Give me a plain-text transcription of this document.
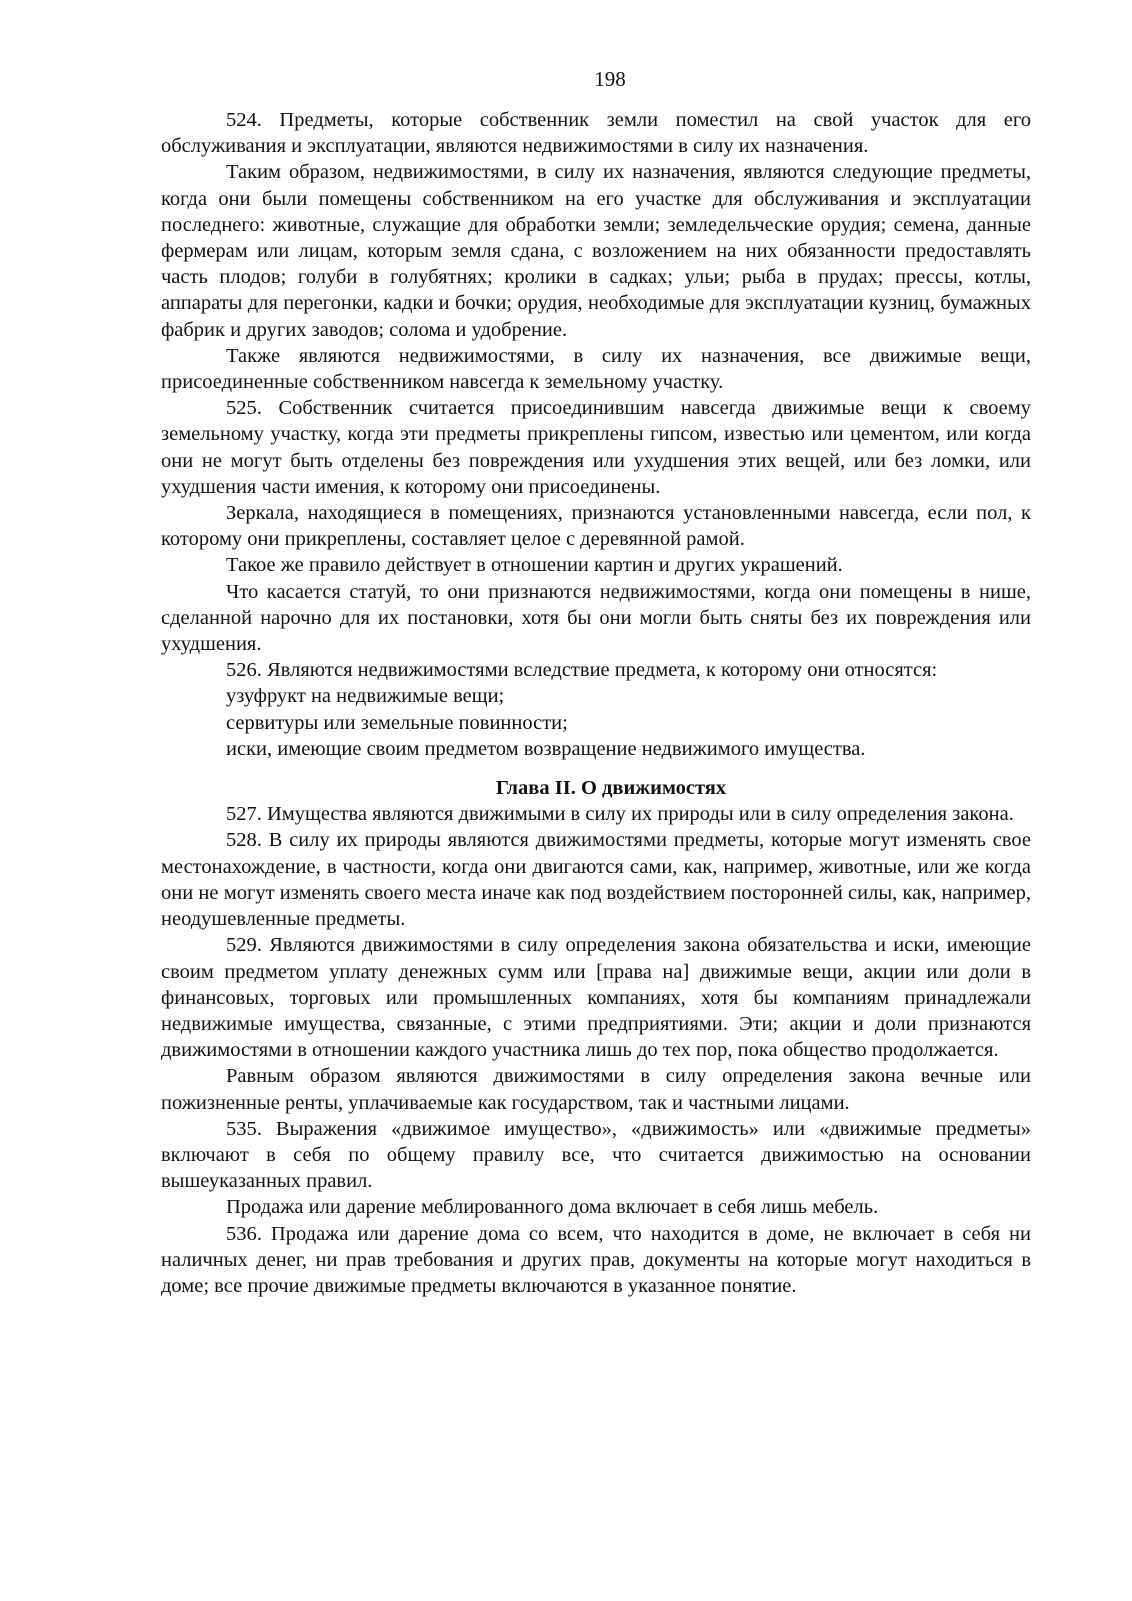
198

524. Предметы, которые собственник земли поместил на свой участок для его обслуживания и эксплуатации, являются недвижимостями в силу их назначения.

Таким образом, недвижимостями, в силу их назначения, являются следующие предметы, когда они были помещены собственником на его участке для обслуживания и эксплуатации последнего: животные, служащие для обработки земли; земледельческие орудия; семена, данные фермерам или лицам, которым земля сдана, с возложением на них обязанности предоставлять часть плодов; голуби в голубятнях; кролики в садках; ульи; рыба в прудах; прессы, котлы, аппараты для перегонки, кадки и бочки; орудия, необходимые для эксплуатации кузниц, бумажных фабрик и других заводов; солома и удобрение.

Также являются недвижимостями, в силу их назначения, все движимые вещи, присоединенные собственником навсегда к земельному участку.

525. Собственник считается присоединившим навсегда движимые вещи к своему земельному участку, когда эти предметы прикреплены гипсом, известью или цементом, или когда они не могут быть отделены без повреждения или ухудшения этих вещей, или без ломки, или ухудшения части имения, к которому они присоединены.

Зеркала, находящиеся в помещениях, признаются установленными навсегда, если пол, к которому они прикреплены, составляет целое с деревянной рамой.

Такое же правило действует в отношении картин и других украшений.

Что касается статуй, то они признаются недвижимостями, когда они помещены в нише, сделанной нарочно для их постановки, хотя бы они могли быть сняты без их повреждения или ухудшения.

526. Являются недвижимостями вследствие предмета, к которому они относятся:

узуфрукт на недвижимые вещи;

сервитуры или земельные повинности;

иски, имеющие своим предметом возвращение недвижимого имущества.

Глава II. О движимостях

527. Имущества являются движимыми в силу их природы или в силу определения закона.

528. В силу их природы являются движимостями предметы, которые могут изменять свое местонахождение, в частности, когда они двигаются сами, как, например, животные, или же когда они не могут изменять своего места иначе как под воздействием посторонней силы, как, например, неодушевленные предметы.

529. Являются движимостями в силу определения закона обязательства и иски, имеющие своим предметом уплату денежных сумм или [права на] движимые вещи, акции или доли в финансовых, торговых или промышленных компаниях, хотя бы компаниям принадлежали недвижимые имущества, связанные, с этими предприятиями. Эти; акции и доли признаются движимостями в отношении каждого участника лишь до тех пор, пока общество продолжается.

Равным образом являются движимостями в силу определения закона вечные или пожизненные ренты, уплачиваемые как государством, так и частными лицами.

535. Выражения «движимое имущество», «движимость» или «движимые предметы» включают в себя по общему правилу все, что считается движимостью на основании вышеуказанных правил.

Продажа или дарение меблированного дома включает в себя лишь мебель.

536. Продажа или дарение дома со всем, что находится в доме, не включает в себя ни наличных денег, ни прав требования и других прав, документы на которые могут находиться в доме; все прочие движимые предметы включаются в указанное понятие.
